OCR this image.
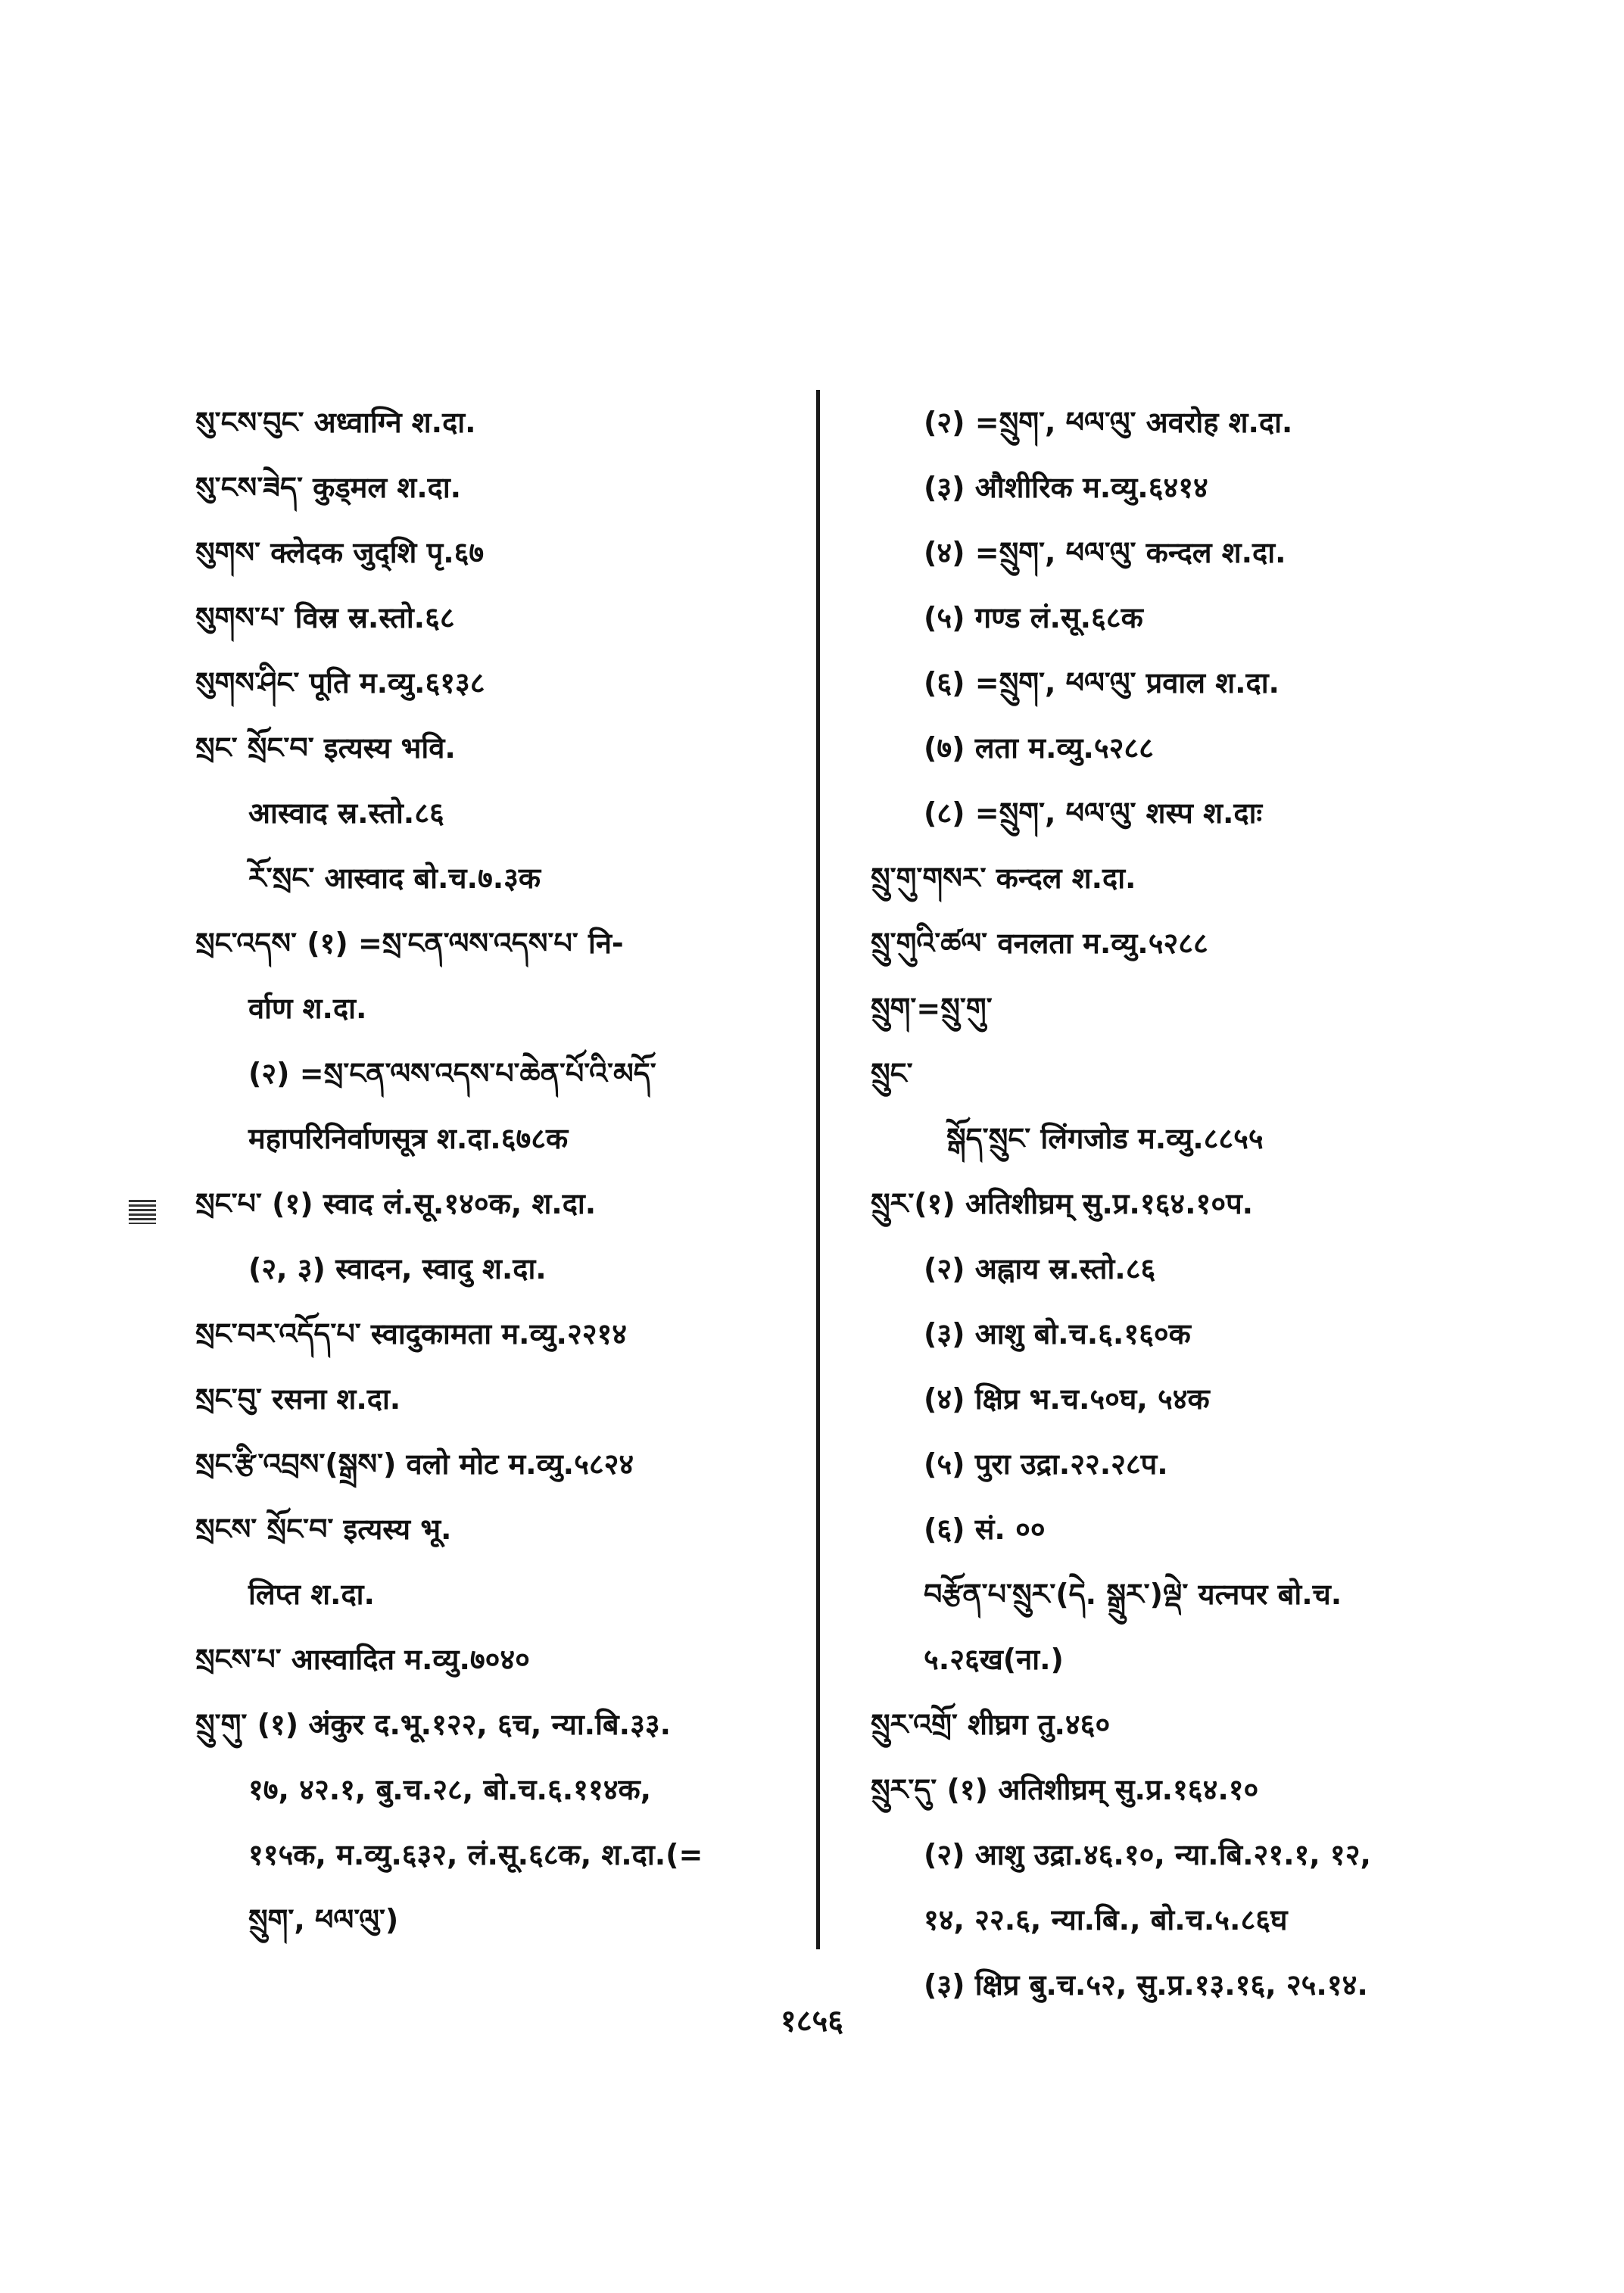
སུ་ངས་བུང་ अध्वाग्नि श.दा.
སུ་ངས་ཟེད་ कुड्मल श.दा.
སུགས་ क्लेदक जुद्शि पृ.६७
སུགས་པ་ विस्र स्र.स्तो.६८
སུགས་ཤིང་ पूति म.व्यु.६१३८
སྲང་ སྲོང་བ་ इत्यस्य भवि.
आस्वाद स्र.स्तो.८६
རོ་སྲང་ आस्वाद बो.च.७.३क
སྲང་འདས་ (१) =སྲ་ངན་ལས་འདས་པ་ नि-
र्वाण श.दा.
(२) =སྲ་ངན་ལས་འདས་པ་ཆེན་པོ་འི་མདོ་
महापरिनिर्वाणसूत्र श.दा.६७८क
སྲང་པ་ (१) स्वाद लं.सू.१४०क, श.दा.
(२, ३) स्वादन, स्वादु श.दा.
སྲང་བར་འདོད་པ་ स्वादुकामता म.व्यु.२२१४
སྲང་བུ་ रसना श.दा.
སྲང་རྩི་འབྲས་(སྒྲས་) वलो मोट म.व्यु.५८२४
སྲངས་ སྲོང་བ་ इत्यस्य भू.
लिप्त श.दा.
སྲངས་པ་ आस्वादित म.व्यु.७०४०
སྲུ་གུ་ (१) अंकुर द.भू.१२२, ६च, न्या.बि.३३.
१७, ४२.१, बु.च.२८, बो.च.६.११४क,
११५क, म.व्यु.६३२, लं.सू.६८क, श.दा.(=
སྲུག་, ཕལ་ལུ་)
(२) =སྲུག་, ཕལ་ལུ་ अवरोह श.दा.
(३) औशीरिक म.व्यु.६४१४
(४) =སྲུག་, ཕལ་ལུ་ कन्दल श.दा.
(५) गण्ड लं.सू.६८क
(६) =སྲུག་, ཕལ་ལུ་ प्रवाल श.दा.
(७) लता म.व्यु.५२८८
(८) =སྲུག་, ཕལ་ལུ་ शस्प श.दाः
སྲུ་གུ་གསར་ कन्दल श.दा.
སྲུ་གུའི་ཚལ་ वनलता म.व्यु.५२८८
སྲུག་=སྲུ་གུ་
སྲུང་
སྒོད་སྲུང་ लिंगजोड म.व्यु.८८५५
སྲུར་(१) अतिशीघ्रम् सु.प्र.१६४.१०प.
(२) अह्नाय स्र.स्तो.८६
(३) आशु बो.च.६.१६०क
(४) क्षिप्र भ.च.५०घ, ५४क
(५) पुरा उद्रा.२२.२८प.
(६) सं. ००
བརྩོན་པ་སྲུར་(དེ. སྒྲུར་)ལྡེ་ यत्नपर बो.च.
५.२६ख(ना.)
སྲུར་འགྲོ་ शीघ्रग तु.४६०
སྲུར་དུ་ (१) अतिशीघ्रम् सु.प्र.१६४.१०
(२) आशु उद्रा.४६.१०, न्या.बि.२१.१, १२,
१४, २२.६, न्या.बि., बो.च.५.८६घ
(३) क्षिप्र बु.च.५२, सु.प्र.१३.१६, २५.१४.
१८५६
